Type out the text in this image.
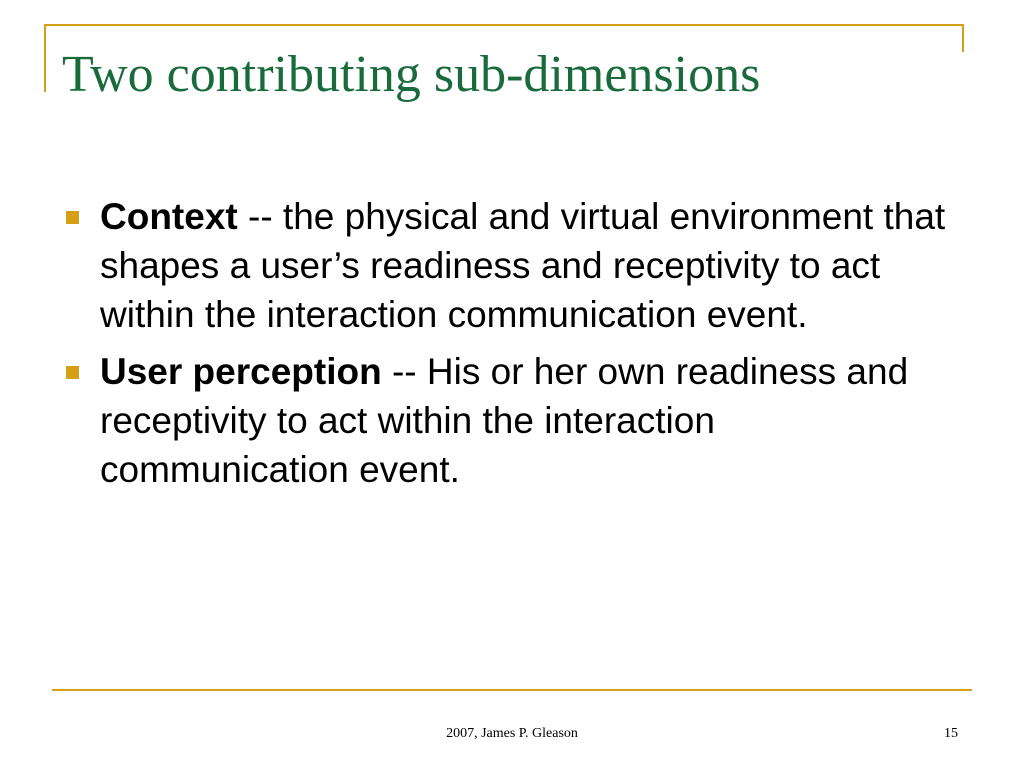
Two contributing sub-dimensions
Context -- the physical and virtual environment that shapes a user’s readiness and receptivity to act within the interaction communication event.
User perception -- His or her own readiness and receptivity to act within the interaction communication event.
2007, James P. Gleason	15
